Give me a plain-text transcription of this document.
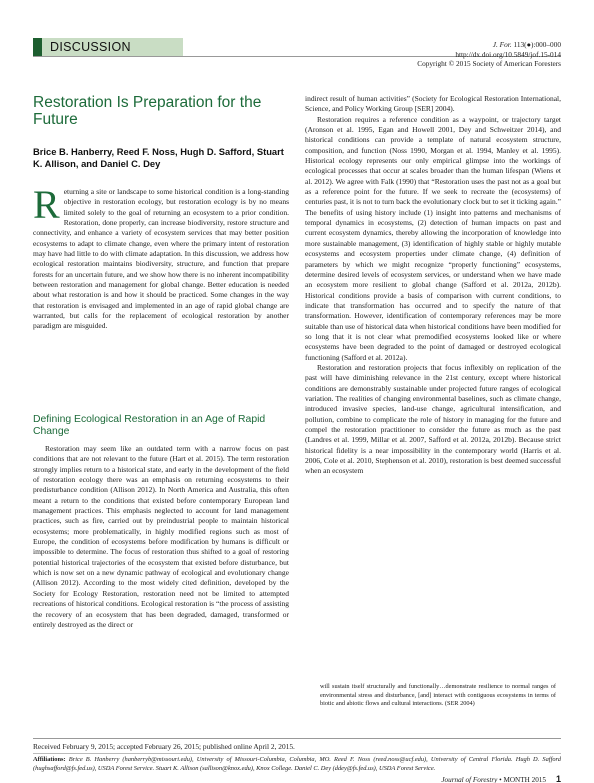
DISCUSSION	J. For. 113(●):000–000
http://dx.doi.org/10.5849/jof.15-014
Copyright © 2015 Society of American Foresters
Restoration Is Preparation for the Future
Brice B. Hanberry, Reed F. Noss, Hugh D. Safford, Stuart K. Allison, and Daniel C. Dey
Returning a site or landscape to some historical condition is a long-standing objective in restoration ecology, but restoration ecology is by no means limited solely to the goal of returning an ecosystem to a prior condition. Restoration, done properly, can increase biodiversity, restore structure and connectivity, and enhance a variety of ecosystem services that may better position ecosystems to adapt to climate change, even where the primary intent of restoration may have had little to do with climate adaptation. In this discussion, we address how ecological restoration maintains biodiversity, structure, and function that prepare forests for an uncertain future, and we show how there is no inherent incompatibility between restoration and management for global change. Better education is needed about what restoration is and how it should be practiced. Some changes in the way that restoration is envisaged and implemented in an age of rapid global change are warranted, but calls for the replacement of ecological restoration by another paradigm are misguided.
Defining Ecological Restoration in an Age of Rapid Change

Restoration may seem like an outdated term with a narrow focus on past conditions that are not relevant to the future (Hart et al. 2015). The term restoration strongly implies return to a historical state, and early in the development of the field of restoration ecology there was an emphasis on returning ecosystems to their predisturbance condition (Allison 2012). In North America and Australia, this often meant a return to the conditions that existed before contemporary European land management practices. This emphasis neglected to account for land management practices, such as fire, carried out by preindustrial people to maintain historical ecosystems; more problematically, in highly modified regions such as most of Europe, the condition of ecosystems before modification by humans is difficult or impossible to determine. The focus of restoration thus shifted to a goal of restoring potential historical trajectories of the ecosystem that existed before disturbance, but which is now set on a new dynamic pathway of ecological and evolutionary change (Allison 2012). According to the most widely cited definition, developed by the Society for Ecology Restoration, restoration need not be limited to attempted recreations of historical conditions. Ecological restoration is “the process of assisting the recovery of an ecosystem that has been degraded, damaged, transformed or entirely destroyed as the direct or

indirect result of human activities” (Society for Ecological Restoration International, Science, and Policy Working Group [SER] 2004).

Restoration requires a reference condition as a waypoint, or trajectory target (Aronson et al. 1995, Egan and Howell 2001, Dey and Schweitzer 2014), and historical conditions can provide a template of natural ecosystem structure, composition, and function (Noss 1990, Morgan et al. 1994, Manley et al. 1995). Historical ecology represents our only empirical glimpse into the workings of ecological processes that occur at scales broader than the human lifespan (Wiens et al. 2012). We agree with Falk (1990) that “Restoration uses the past not as a goal but as a reference point for the future. If we seek to recreate the (ecosystems) of centuries past, it is not to turn back the evolutionary clock but to set it ticking again.” The benefits of using history include (1) insight into patterns and mechanisms of temporal dynamics in ecosystems, (2) detection of human impacts on past and current ecosystem dynamics, thereby allowing the incorporation of knowledge into more sustainable management, (3) identification of highly stable or highly mutable ecosystems and ecosystem properties under climate change, (4) definition of parameters by which we might recognize “properly functioning” ecosystems, determine desired levels of ecosystem services, or understand when we have made an ecosystem more resilient to global change (Safford et al. 2012a, 2012b). Historical conditions provide a basis of comparison with current conditions, to indicate that transformation has occurred and to specify the nature of that transformation. However, identification of contemporary references may be more suitable than use of historical data when historical conditions have been modified for so long that it is not clear what premodified ecosystems looked like or where ecosystems have been degraded to the point of damaged or destroyed ecological functioning (Safford et al. 2012a).

Restoration and restoration projects that focus inflexibly on replication of the past will have diminishing relevance in the 21st century, except where historical conditions are demonstrably sustainable under projected future ranges of ecological variation. The realities of changing environmental baselines, such as climate change, introduced invasive species, land-use change, agricultural intensification, and pollution, combine to complicate the role of history in managing for the future and compel the restoration practitioner to consider the future as much as the past (Landres et al. 1999, Millar et al. 2007, Safford et al. 2012a, 2012b). Because strict historical fidelity is a near impossibility in the contemporary world (Harris et al. 2006, Cole et al. 2010, Stephenson et al. 2010), restoration is best deemed successful when an ecosystem

will sustain itself structurally and functionally…demonstrate resilience to normal ranges of environmental stress and disturbance, [and] interact with contiguous ecosystems in terms of biotic and abiotic flows and cultural interactions. (SER 2004)
Received February 9, 2015; accepted February 26, 2015; published online April 2, 2015.
Affiliations: Brice B. Hanberry (hanberryb@missouri.edu), University of Missouri-Columbia, Columbia, MO. Reed F. Noss (reed.noss@ucf.edu), University of Central Florida. Hugh D. Safford (hughsafford@fs.fed.us), USDA Forest Service. Stuart K. Allison (sallison@knox.edu), Knox College. Daniel C. Dey (ddey@fs.fed.us), USDA Forest Service.
Journal of Forestry • MONTH 2015 1
